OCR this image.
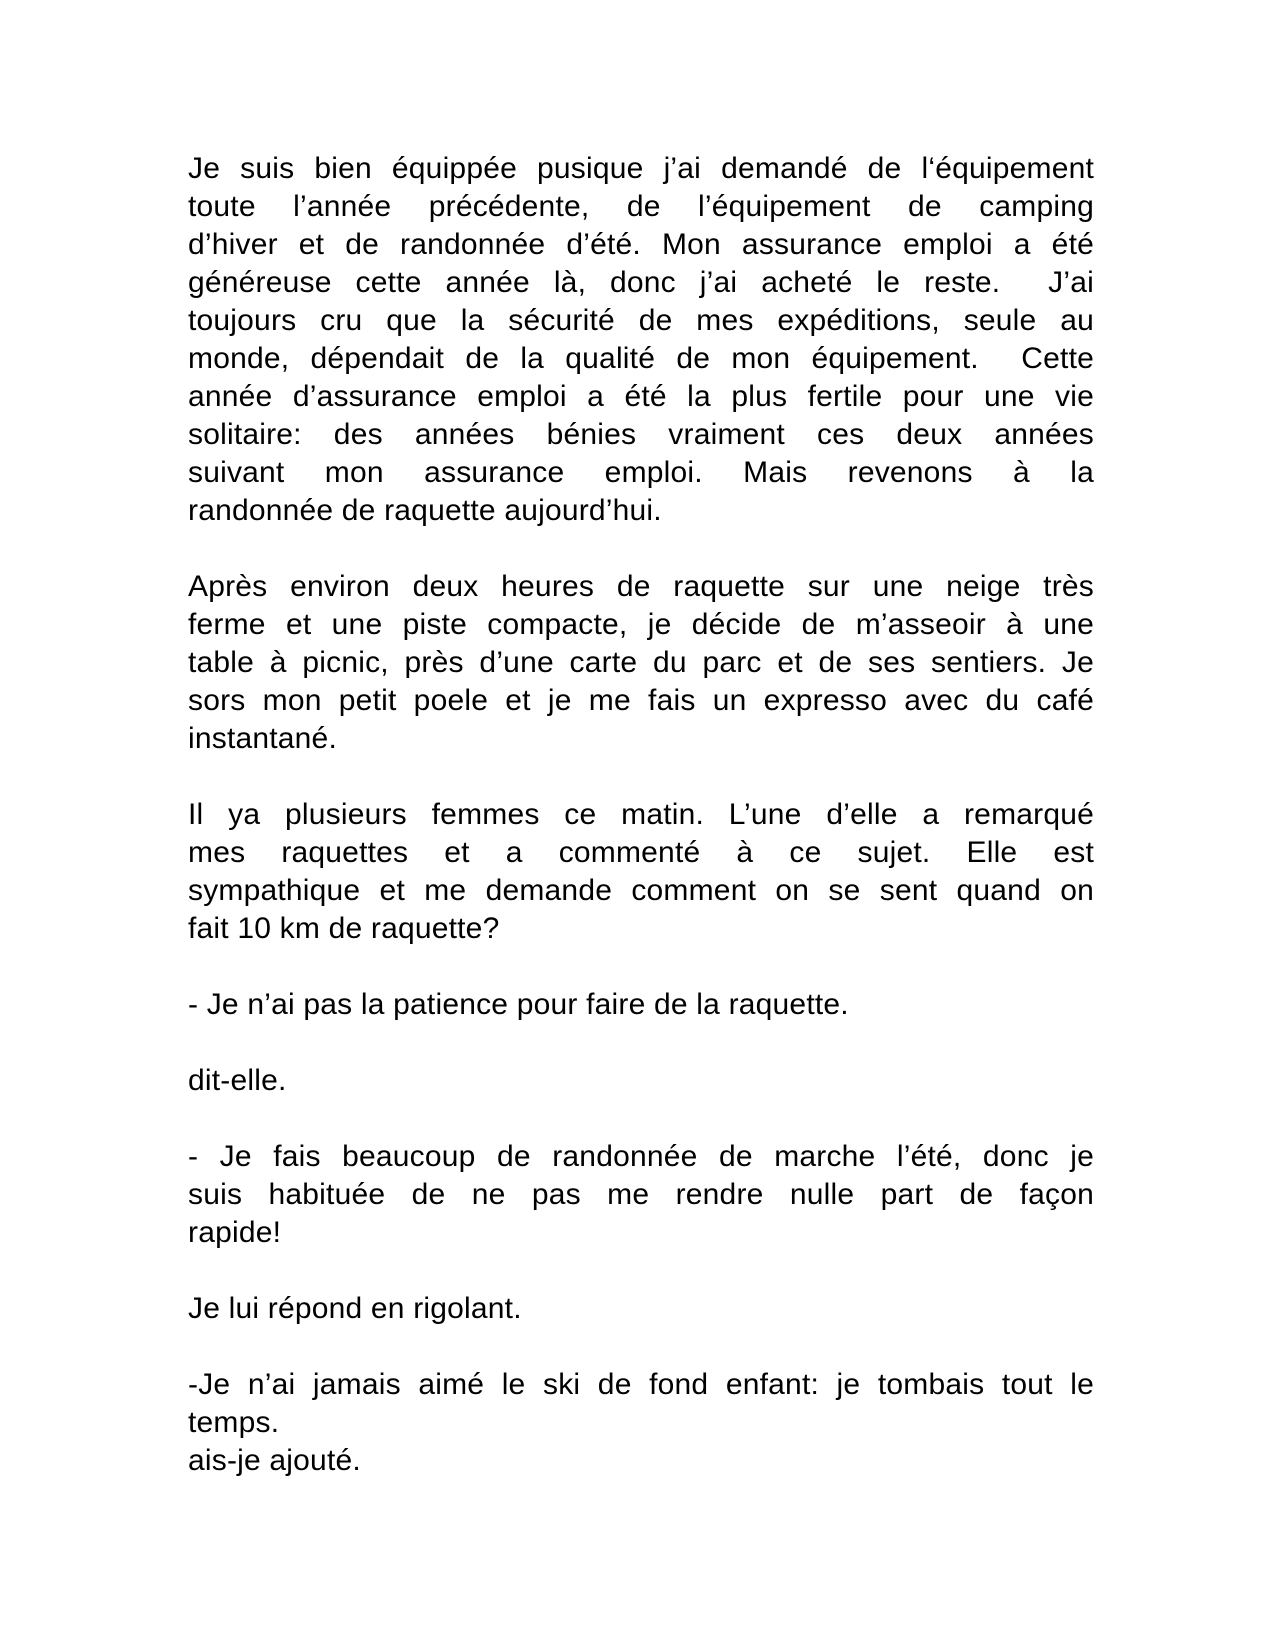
Je suis bien équippée pusique j’ai demandé de l‘équipement
toute l’année précédente, de l’équipement de camping
d’hiver et de randonnée d’été. Mon assurance emploi a été
généreuse cette année là, donc j’ai acheté le reste.  J’ai
toujours cru que la sécurité de mes expéditions, seule au
monde, dépendait de la qualité de mon équipement.  Cette
année d’assurance emploi a été la plus fertile pour une vie
solitaire: des années bénies vraiment ces deux années
suivant mon assurance emploi. Mais revenons à la
randonnée de raquette aujourd’hui.

Après environ deux heures de raquette sur une neige très
ferme et une piste compacte, je décide de m’asseoir à une
table à picnic, près d’une carte du parc et de ses sentiers. Je
sors mon petit poele et je me fais un expresso avec du café
instantané.

Il ya plusieurs femmes ce matin. L’une d’elle a remarqué
mes raquettes et a commenté à ce sujet. Elle est
sympathique et me demande comment on se sent quand on
fait 10 km de raquette?

- Je n’ai pas la patience pour faire de la raquette.

dit-elle.

- Je fais beaucoup de randonnée de marche l’été, donc je
suis habituée de ne pas me rendre nulle part de façon
rapide!

Je lui répond en rigolant.

-Je n’ai jamais aimé le ski de fond enfant: je tombais tout le
temps.
ais-je ajouté.
